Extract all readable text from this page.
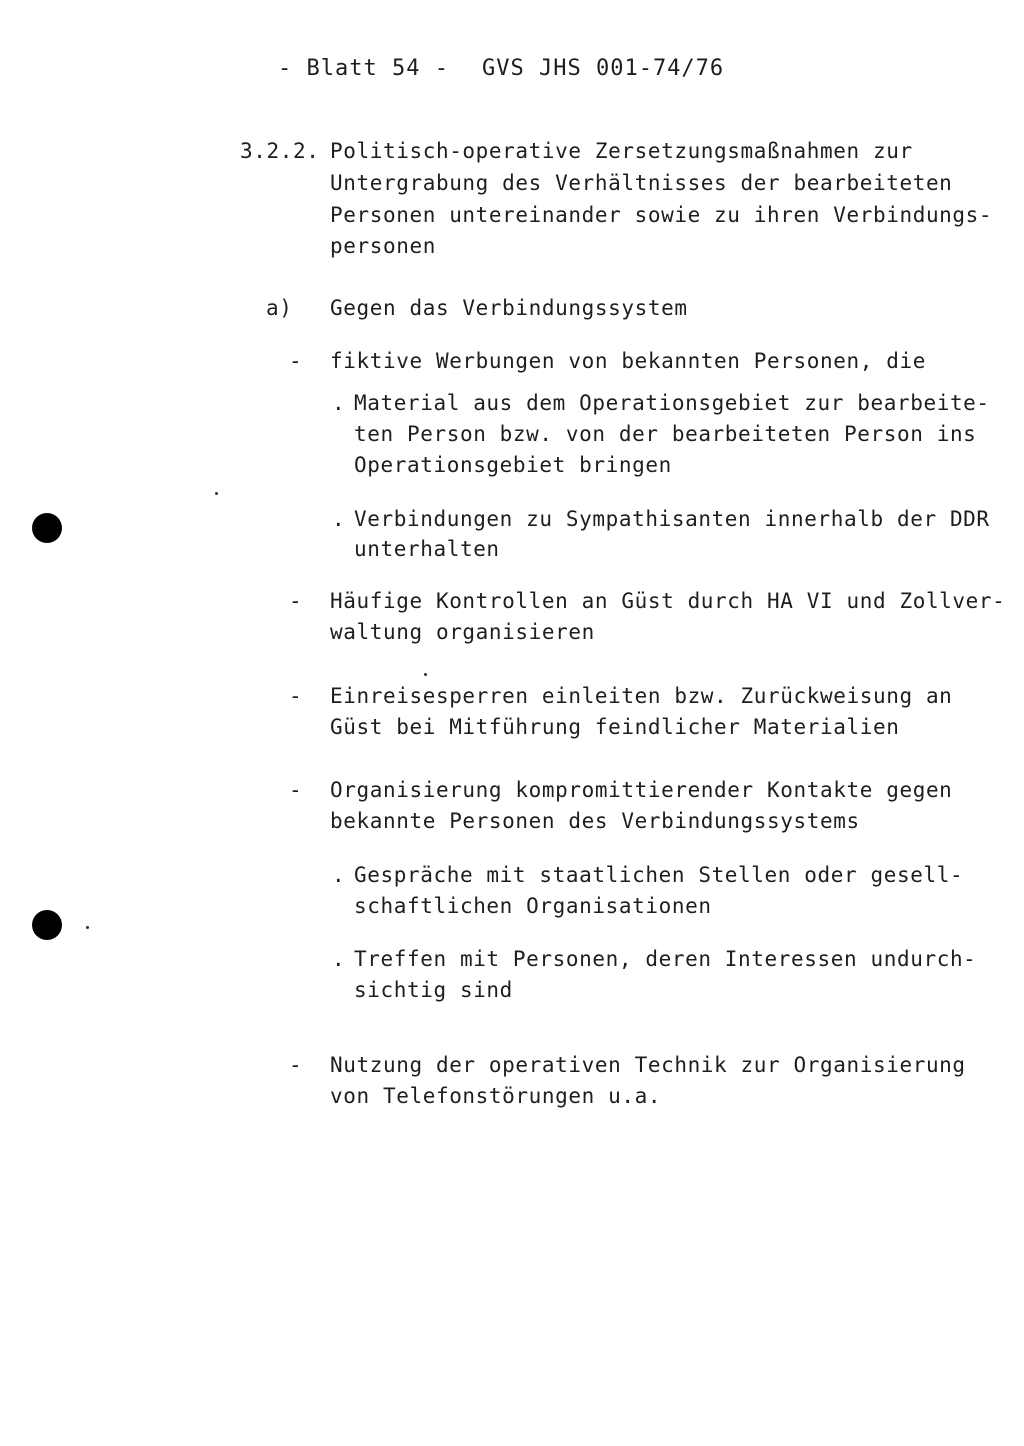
- Blatt 54 - GVS JHS 001-74/76
3.2.2. Politisch-operative Zersetzungsmaßnahmen zur
Untergrabung des Verhältnisses der bearbeiteten
Personen untereinander sowie zu ihren Verbindungs-
personen
a) Gegen das Verbindungssystem
- fiktive Werbungen von bekannten Personen, die
. Material aus dem Operationsgebiet zur bearbeite-
ten Person bzw. von der bearbeiteten Person ins
Operationsgebiet bringen
. Verbindungen zu Sympathisanten innerhalb der DDR
unterhalten
- Häufige Kontrollen an Güst durch HA VI und Zollver-
waltung organisieren
- Einreisesperren einleiten bzw. Zurückweisung an
Güst bei Mitführung feindlicher Materialien
- Organisierung kompromittierender Kontakte gegen
bekannte Personen des Verbindungssystems
. Gespräche mit staatlichen Stellen oder gesell-
schaftlichen Organisationen
. Treffen mit Personen, deren Interessen undurch-
sichtig sind
- Nutzung der operativen Technik zur Organisierung
von Telefonstörungen u.a.
